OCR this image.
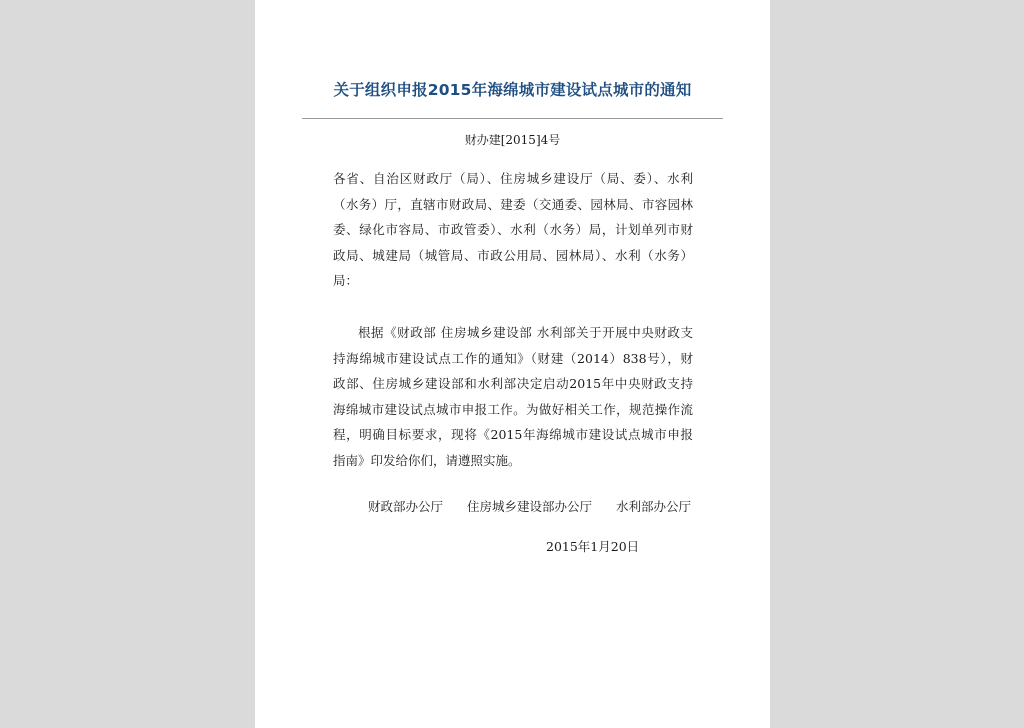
关于组织申报2015年海绵城市建设试点城市的通知
财办建[2015]4号
各省、自治区财政厅（局）、住房城乡建设厅（局、委）、水利
（水务）厅，直辖市财政局、建委（交通委、园林局、市容园林
委、绿化市容局、市政管委）、水利（水务）局，计划单列市财
政局、城建局（城管局、市政公用局、园林局）、水利（水务）
局：
根据《财政部 住房城乡建设部 水利部关于开展中央财政支
持海绵城市建设试点工作的通知》（财建（2014）838号），财
政部、住房城乡建设部和水利部决定启动2015年中央财政支持
海绵城市建设试点城市申报工作。为做好相关工作，规范操作流
程，明确目标要求，现将《2015年海绵城市建设试点城市申报
指南》印发给你们，请遵照实施。
财政部办公厅 住房城乡建设部办公厅 水利部办公厅
2015年1月20日
